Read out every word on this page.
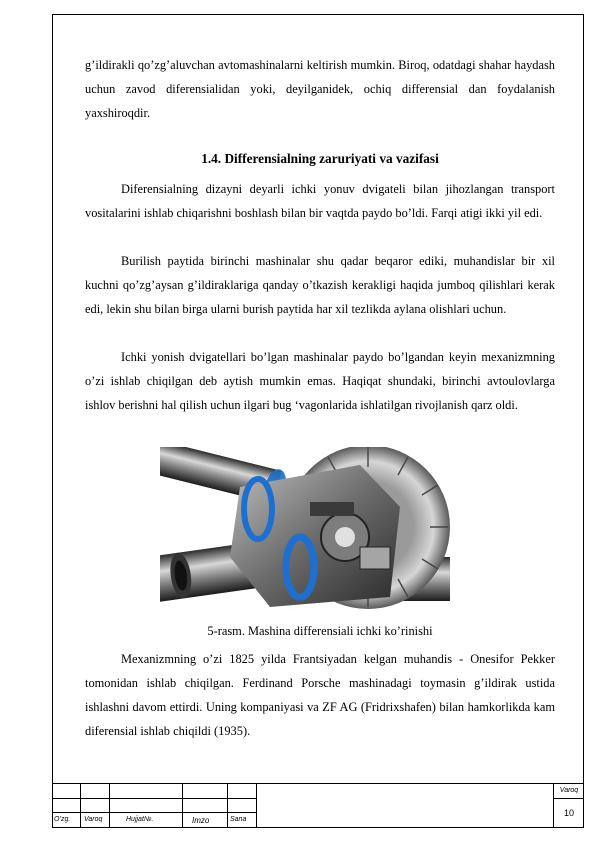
g’ildirakli qo’zg’aluvchan avtomashinalarni keltirish mumkin. Biroq, odatdagi shahar haydash uchun zavod diferensialidan yoki, deyilganidek, ochiq differensial dan foydalanish yaxshiroqdir.

1.4. Differensialning zaruriyati va vazifasi

Diferensialning dizayni deyarli ichki yonuv dvigateli bilan jihozlangan transport vositalarini ishlab chiqarishni boshlash bilan bir vaqtda paydo bo’ldi. Farqi atigi ikki yil edi.

Burilish paytida birinchi mashinalar shu qadar beqaror ediki, muhandislar bir xil kuchni qo’zg’aysan g’ildiraklariga qanday o’tkazish kerakligi haqida jumboq qilishlari kerak edi, lekin shu bilan birga ularni burish paytida har xil tezlikda aylana olishlari uchun.

Ichki yonish dvigatellari bo’lgan mashinalar paydo bo’lgandan keyin mexanizmning o’zi ishlab chiqilgan deb aytish mumkin emas. Haqiqat shundaki, birinchi avtoulovlarga ishlov berishni hal qilish uchun ilgari bug ‘vagonlarida ishlatilgan rivojlanish qarz oldi.

5-rasm. Mashina differensiali ichki ko’rinishi

Mexanizmning o’zi 1825 yilda Frantsiyadan kelgan muhandis - Onesifor Pekker tomonidan ishlab chiqilgan. Ferdinand Porsche mashinadagi toymasin g’ildirak ustida ishlashni davom ettirdi. Uning kompaniyasi va ZF AG (Fridrixshafen) bilan hamkorlikda kam diferensial ishlab chiqildi (1935).

O’zg. Varoq	Hujjat№.	Imzo	Sana
Varoq
10
